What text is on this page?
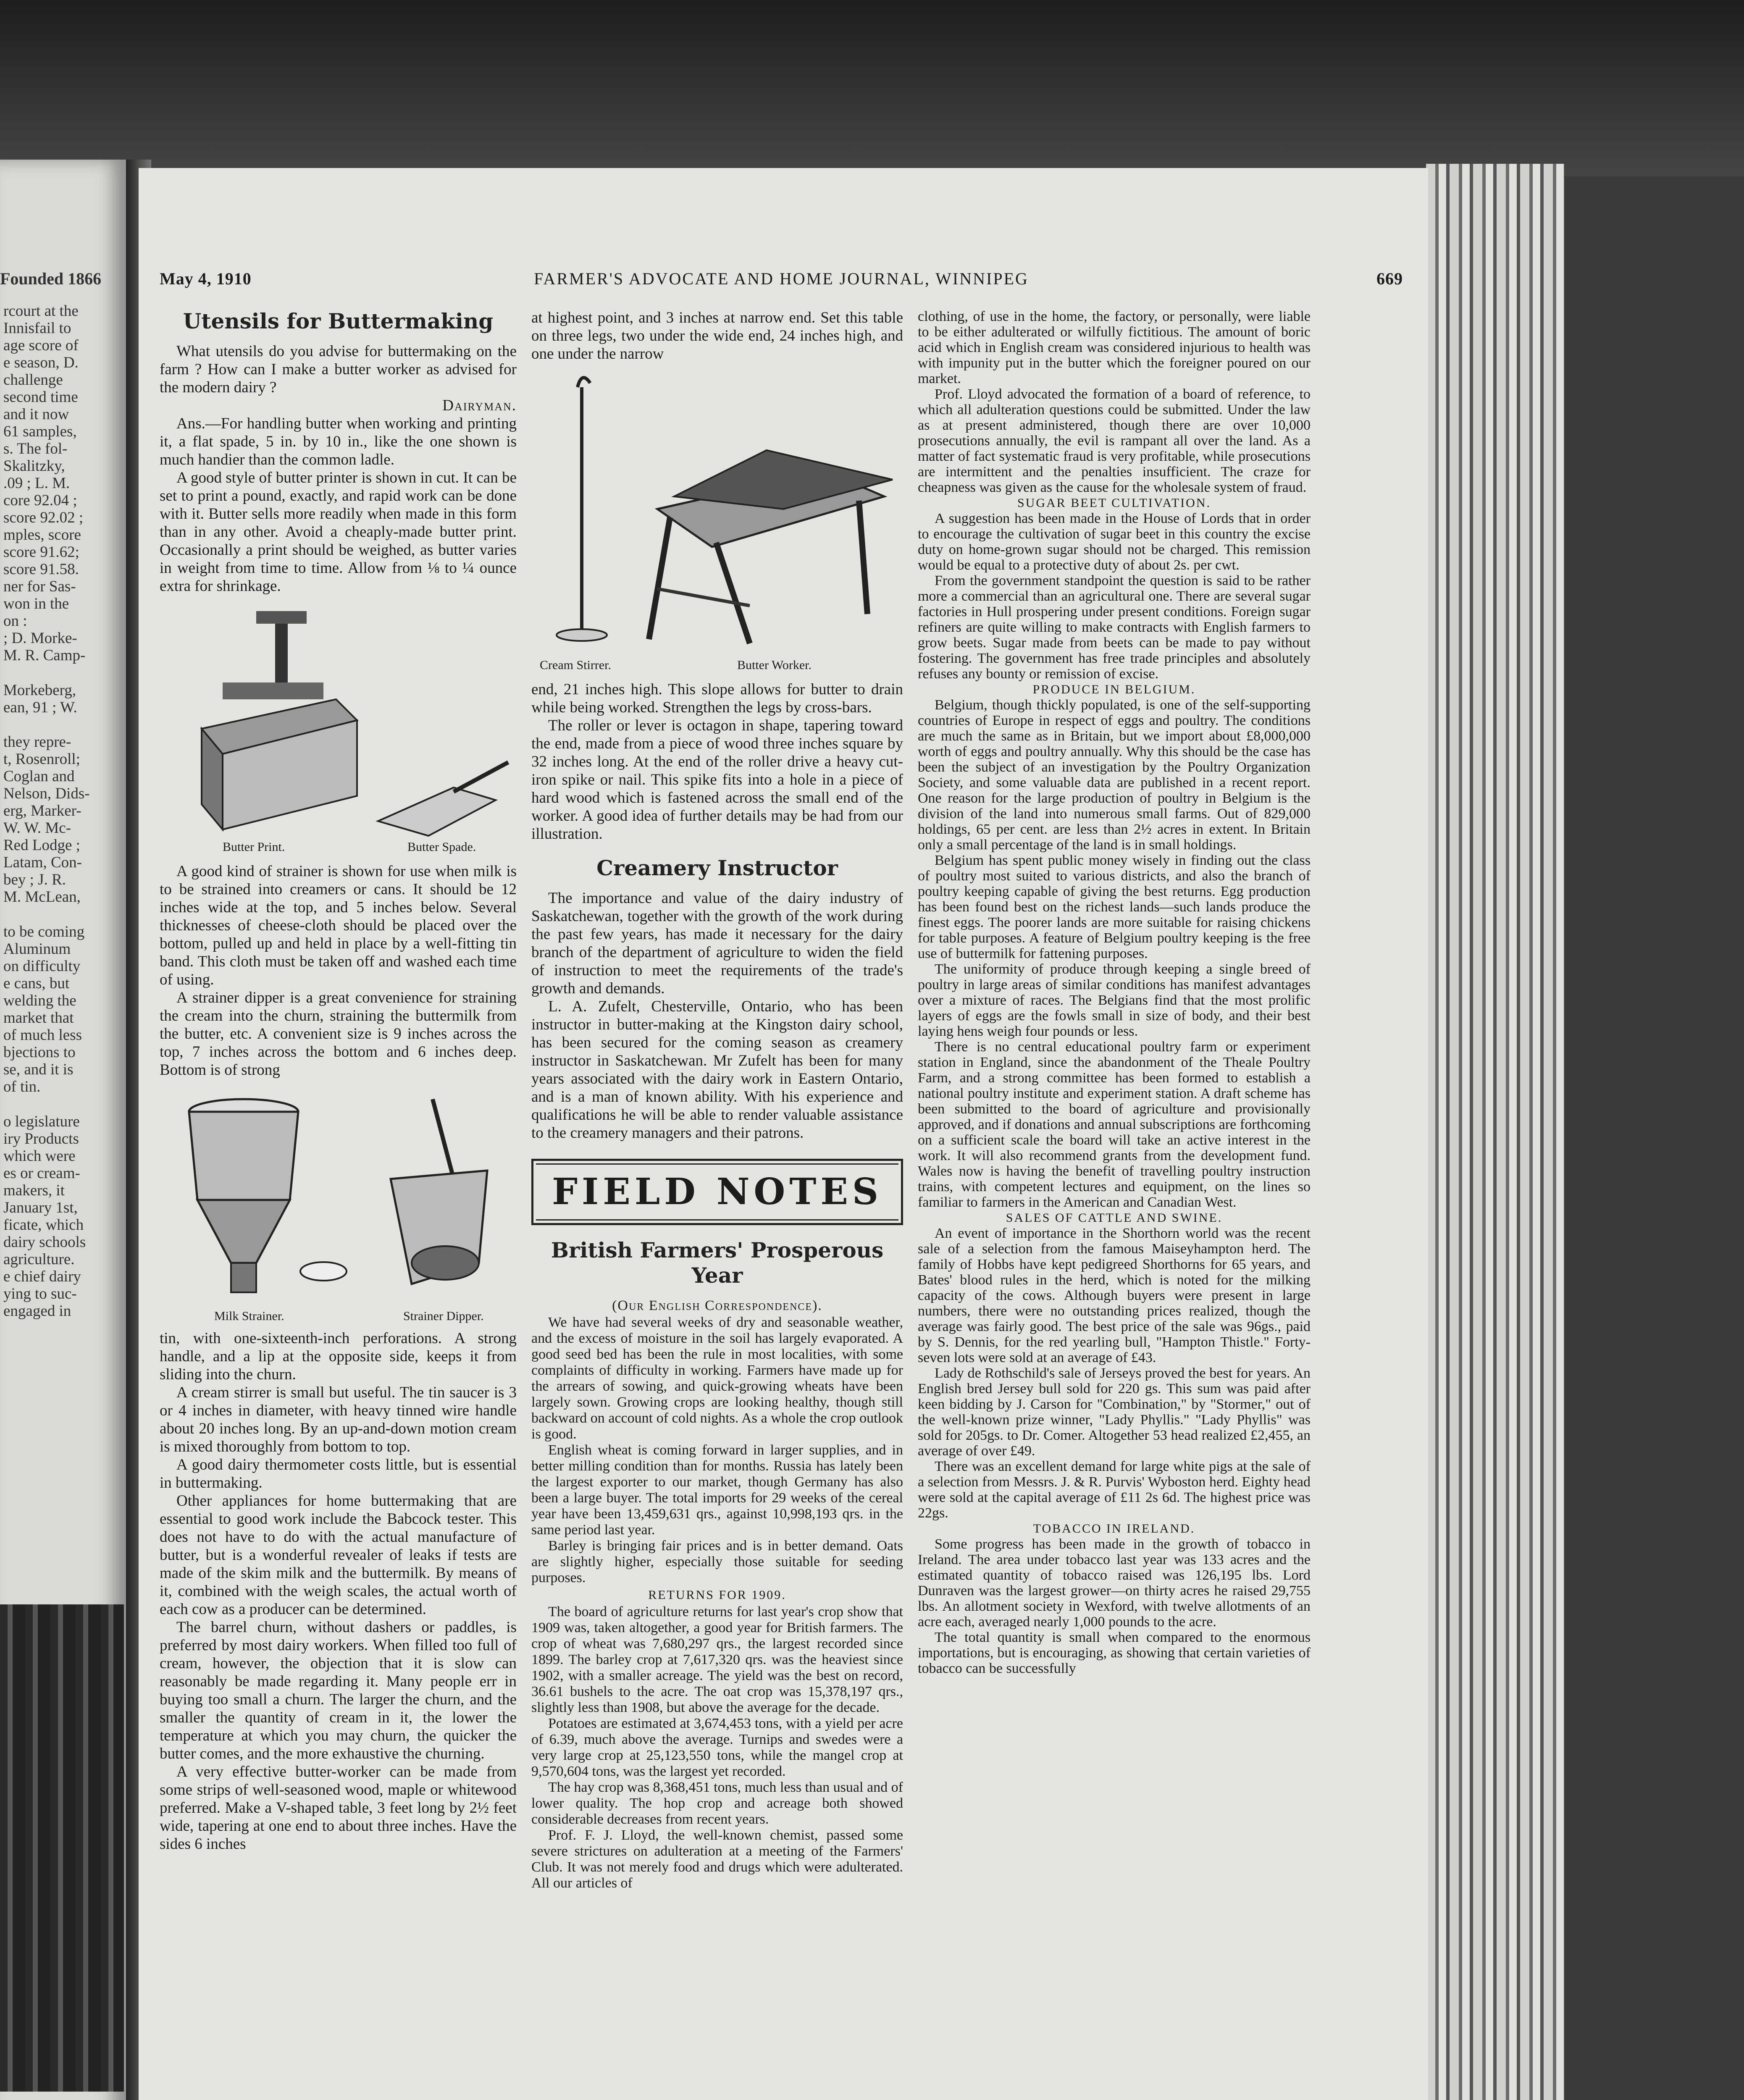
Founded 1866

rcourt at the
Innisfail to
age score of
e season, D.
challenge
second time
and it now
61 samples,
s. The fol-
Skalitzky,
.09 ; L. M.
core 92.04 ;
score 92.02 ;
mples, score
score 91.62;
score 91.58.
ner for Sas-
won in the
on :
; D. Morke-
M. R. Camp-

Morkeberg,
ean, 91 ; W.

they repre-
t, Rosenroll;
Coglan and
Nelson, Dids-
erg, Marker-
W. W. Mc-
Red Lodge ;
Latam, Con-
bey ; J. R.
M. McLean,

to be coming
Aluminum
on difficulty
e cans, but
welding the
market that
of much less
bjections to
se, and it is
of tin.

o legislature
iry Products
which were
es or cream-
makers, it
January 1st,
ficate, which
dairy schools
agriculture.
e chief dairy
ying to suc-
engaged in

FARMER'S ADVOCATE AND HOME JOURNAL, WINNIPEG
May 4, 1910	669
Utensils for Buttermaking

What utensils do you advise for buttermaking on the farm ? How can I make a butter worker as advised for the modern dairy ?

Dairyman.

Ans.—For handling butter when working and printing it, a flat spade, 5 in. by 10 in., like the one shown is much handier than the common ladle.

A good style of butter printer is shown in cut. It can be set to print a pound, exactly, and rapid work can be done with it. Butter sells more readily when made in this form than in any other. Avoid a cheaply-made butter print. Occasionally a print should be weighed, as butter varies in weight from time to time. Allow from ⅛ to ¼ ounce extra for shrinkage.

Butter Print.	Butter Spade.

A good kind of strainer is shown for use when milk is to be strained into creamers or cans. It should be 12 inches wide at the top, and 5 inches below. Several thicknesses of cheese-cloth should be placed over the bottom, pulled up and held in place by a well-fitting tin band. This cloth must be taken off and washed each time of using.

A strainer dipper is a great convenience for straining the cream into the churn, straining the buttermilk from the butter, etc. A convenient size is 9 inches across the top, 7 inches across the bottom and 6 inches deep. Bottom is of strong

Milk Strainer.	Strainer Dipper.

tin, with one-sixteenth-inch perforations. A strong handle, and a lip at the opposite side, keeps it from sliding into the churn.

A cream stirrer is small but useful. The tin saucer is 3 or 4 inches in diameter, with heavy tinned wire handle about 20 inches long. By an up-and-down motion cream is mixed thoroughly from bottom to top.

A good dairy thermometer costs little, but is essential in buttermaking.

Other appliances for home buttermaking that are essential to good work include the Babcock tester. This does not have to do with the actual manufacture of butter, but is a wonderful revealer of leaks if tests are made of the skim milk and the buttermilk. By means of it, combined with the weigh scales, the actual worth of each cow as a producer can be determined.

The barrel churn, without dashers or paddles, is preferred by most dairy workers. When filled too full of cream, however, the objection that it is slow can reasonably be made regarding it. Many people err in buying too small a churn. The larger the churn, and the smaller the quantity of cream in it, the lower the temperature at which you may churn, the quicker the butter comes, and the more exhaustive the churning.

A very effective butter-worker can be made from some strips of well-seasoned wood, maple or whitewood preferred. Make a V-shaped table, 3 feet long by 2½ feet wide, tapering at one end to about three inches. Have the sides 6 inches

at highest point, and 3 inches at narrow end. Set this table on three legs, two under the wide end, 24 inches high, and one under the narrow

Cream Stirrer.	Butter Worker.

end, 21 inches high. This slope allows for butter to drain while being worked. Strengthen the legs by cross-bars.

The roller or lever is octagon in shape, tapering toward the end, made from a piece of wood three inches square by 32 inches long. At the end of the roller drive a heavy cut-iron spike or nail. This spike fits into a hole in a piece of hard wood which is fastened across the small end of the worker. A good idea of further details may be had from our illustration.

Creamery Instructor

The importance and value of the dairy industry of Saskatchewan, together with the growth of the work during the past few years, has made it necessary for the dairy branch of the department of agriculture to widen the field of instruction to meet the requirements of the trade's growth and demands.

L. A. Zufelt, Chesterville, Ontario, who has been instructor in butter-making at the Kingston dairy school, has been secured for the coming season as creamery instructor in Saskatchewan. Mr Zufelt has been for many years associated with the dairy work in Eastern Ontario, and is a man of known ability. With his experience and qualifications he will be able to render valuable assistance to the creamery managers and their patrons.

FIELD NOTES
British Farmers' Prosperous Year

(Our English Correspondence).

We have had several weeks of dry and seasonable weather, and the excess of moisture in the soil has largely evaporated. A good seed bed has been the rule in most localities, with some complaints of difficulty in working. Farmers have made up for the arrears of sowing, and quick-growing wheats have been largely sown. Growing crops are looking healthy, though still backward on account of cold nights. As a whole the crop outlook is good.

English wheat is coming forward in larger supplies, and in better milling condition than for months. Russia has lately been the largest exporter to our market, though Germany has also been a large buyer. The total imports for 29 weeks of the cereal year have been 13,459,631 qrs., against 10,998,193 qrs. in the same period last year.

Barley is bringing fair prices and is in better demand. Oats are slightly higher, especially those suitable for seeding purposes.

RETURNS FOR 1909.

The board of agriculture returns for last year's crop show that 1909 was, taken altogether, a good year for British farmers. The crop of wheat was 7,680,297 qrs., the largest recorded since 1899. The barley crop at 7,617,320 qrs. was the heaviest since 1902, with a smaller acreage. The yield was the best on record, 36.61 bushels to the acre. The oat crop was 15,378,197 qrs., slightly less than 1908, but above the average for the decade.

Potatoes are estimated at 3,674,453 tons, with a yield per acre of 6.39, much above the average. Turnips and swedes were a very large crop at 25,123,550 tons, while the mangel crop at 9,570,604 tons, was the largest yet recorded.

The hay crop was 8,368,451 tons, much less than usual and of lower quality. The hop crop and acreage both showed considerable decreases from recent years.

Prof. F. J. Lloyd, the well-known chemist, passed some severe strictures on adulteration at a meeting of the Farmers' Club. It was not merely food and drugs which were adulterated. All our articles of

clothing, of use in the home, the factory, or personally, were liable to be either adulterated or wilfully fictitious. The amount of boric acid which in English cream was considered injurious to health was with impunity put in the butter which the foreigner poured on our market.

Prof. Lloyd advocated the formation of a board of reference, to which all adulteration questions could be submitted. Under the law as at present administered, though there are over 10,000 prosecutions annually, the evil is rampant all over the land. As a matter of fact systematic fraud is very profitable, while prosecutions are intermittent and the penalties insufficient. The craze for cheapness was given as the cause for the wholesale system of fraud.

SUGAR BEET CULTIVATION.

A suggestion has been made in the House of Lords that in order to encourage the cultivation of sugar beet in this country the excise duty on home-grown sugar should not be charged. This remission would be equal to a protective duty of about 2s. per cwt.

From the government standpoint the question is said to be rather more a commercial than an agricultural one. There are several sugar factories in Hull prospering under present conditions. Foreign sugar refiners are quite willing to make contracts with English farmers to grow beets. Sugar made from beets can be made to pay without fostering. The government has free trade principles and absolutely refuses any bounty or remission of excise.

PRODUCE IN BELGIUM.

Belgium, though thickly populated, is one of the self-supporting countries of Europe in respect of eggs and poultry. The conditions are much the same as in Britain, but we import about £8,000,000 worth of eggs and poultry annually. Why this should be the case has been the subject of an investigation by the Poultry Organization Society, and some valuable data are published in a recent report. One reason for the large production of poultry in Belgium is the division of the land into numerous small farms. Out of 829,000 holdings, 65 per cent. are less than 2½ acres in extent. In Britain only a small percentage of the land is in small holdings.

Belgium has spent public money wisely in finding out the class of poultry most suited to various districts, and also the branch of poultry keeping capable of giving the best returns. Egg production has been found best on the richest lands—such lands produce the finest eggs. The poorer lands are more suitable for raising chickens for table purposes. A feature of Belgium poultry keeping is the free use of buttermilk for fattening purposes.

The uniformity of produce through keeping a single breed of poultry in large areas of similar conditions has manifest advantages over a mixture of races. The Belgians find that the most prolific layers of eggs are the fowls small in size of body, and their best laying hens weigh four pounds or less.

There is no central educational poultry farm or experiment station in England, since the abandonment of the Theale Poultry Farm, and a strong committee has been formed to establish a national poultry institute and experiment station. A draft scheme has been submitted to the board of agriculture and provisionally approved, and if donations and annual subscriptions are forthcoming on a sufficient scale the board will take an active interest in the work. It will also recommend grants from the development fund. Wales now is having the benefit of travelling poultry instruction trains, with competent lectures and equipment, on the lines so familiar to farmers in the American and Canadian West.

SALES OF CATTLE AND SWINE.

An event of importance in the Shorthorn world was the recent sale of a selection from the famous Maiseyhampton herd. The family of Hobbs have kept pedigreed Shorthorns for 65 years, and Bates' blood rules in the herd, which is noted for the milking capacity of the cows. Although buyers were present in large numbers, there were no outstanding prices realized, though the average was fairly good. The best price of the sale was 96gs., paid by S. Dennis, for the red yearling bull, "Hampton Thistle." Forty-seven lots were sold at an average of £43.

Lady de Rothschild's sale of Jerseys proved the best for years. An English bred Jersey bull sold for 220 gs. This sum was paid after keen bidding by J. Carson for "Combination," by "Stormer," out of the well-known prize winner, "Lady Phyllis." "Lady Phyllis" was sold for 205gs. to Dr. Comer. Altogether 53 head realized £2,455, an average of over £49.

There was an excellent demand for large white pigs at the sale of a selection from Messrs. J. & R. Purvis' Wyboston herd. Eighty head were sold at the capital average of £11 2s 6d. The highest price was 22gs.

TOBACCO IN IRELAND.

Some progress has been made in the growth of tobacco in Ireland. The area under tobacco last year was 133 acres and the estimated quantity of tobacco raised was 126,195 lbs. Lord Dunraven was the largest grower—on thirty acres he raised 29,755 lbs. An allotment society in Wexford, with twelve allotments of an acre each, averaged nearly 1,000 pounds to the acre.

The total quantity is small when compared to the enormous importations, but is encouraging, as showing that certain varieties of tobacco can be successfully
